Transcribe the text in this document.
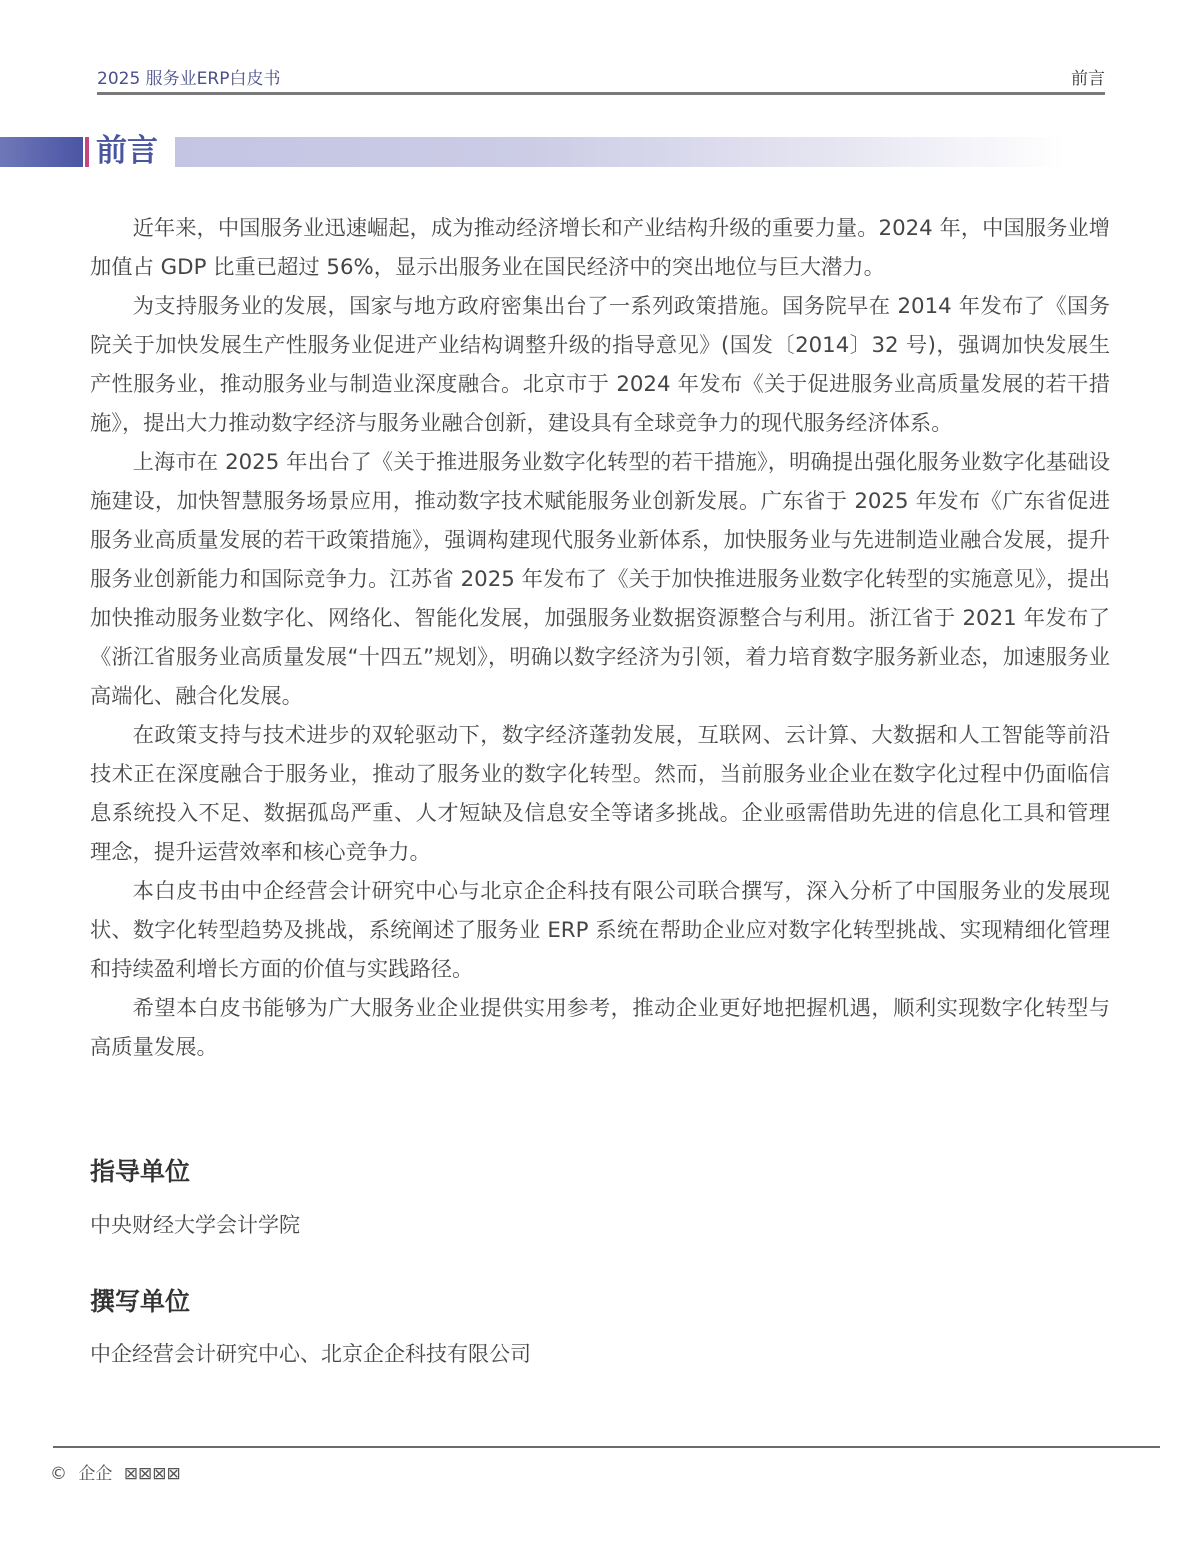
2025 服务业ERP白皮书	前言
前言

近年来，中国服务业迅速崛起，成为推动经济增长和产业结构升级的重要力量。2024 年，中国服务业增加值占 GDP 比重已超过 56%，显示出服务业在国民经济中的突出地位与巨大潜力。

为支持服务业的发展，国家与地方政府密集出台了一系列政策措施。国务院早在 2014 年发布了《国务院关于加快发展生产性服务业促进产业结构调整升级的指导意见》(国发〔2014〕32 号)，强调加快发展生产性服务业，推动服务业与制造业深度融合。北京市于 2024 年发布《关于促进服务业高质量发展的若干措施》，提出大力推动数字经济与服务业融合创新，建设具有全球竞争力的现代服务经济体系。

上海市在 2025 年出台了《关于推进服务业数字化转型的若干措施》，明确提出强化服务业数字化基础设施建设，加快智慧服务场景应用，推动数字技术赋能服务业创新发展。广东省于 2025 年发布《广东省促进服务业高质量发展的若干政策措施》，强调构建现代服务业新体系，加快服务业与先进制造业融合发展，提升服务业创新能力和国际竞争力。江苏省 2025 年发布了《关于加快推进服务业数字化转型的实施意见》，提出加快推动服务业数字化、网络化、智能化发展，加强服务业数据资源整合与利用。浙江省于 2021 年发布了《浙江省服务业高质量发展“十四五”规划》，明确以数字经济为引领，着力培育数字服务新业态，加速服务业高端化、融合化发展。

在政策支持与技术进步的双轮驱动下，数字经济蓬勃发展，互联网、云计算、大数据和人工智能等前沿技术正在深度融合于服务业，推动了服务业的数字化转型。然而，当前服务业企业在数字化过程中仍面临信息系统投入不足、数据孤岛严重、人才短缺及信息安全等诸多挑战。企业亟需借助先进的信息化工具和管理理念，提升运营效率和核心竞争力。

本白皮书由中企经营会计研究中心与北京企企科技有限公司联合撰写，深入分析了中国服务业的发展现状、数字化转型趋势及挑战，系统阐述了服务业 ERP 系统在帮助企业应对数字化转型挑战、实现精细化管理和持续盈利增长方面的价值与实践路径。

希望本白皮书能够为广大服务业企业提供实用参考，推动企业更好地把握机遇，顺利实现数字化转型与高质量发展。

指导单位
中央财经大学会计学院
撰写单位
中企经营会计研究中心、北京企企科技有限公司
© 企企 ⊠⊠⊠⊠
